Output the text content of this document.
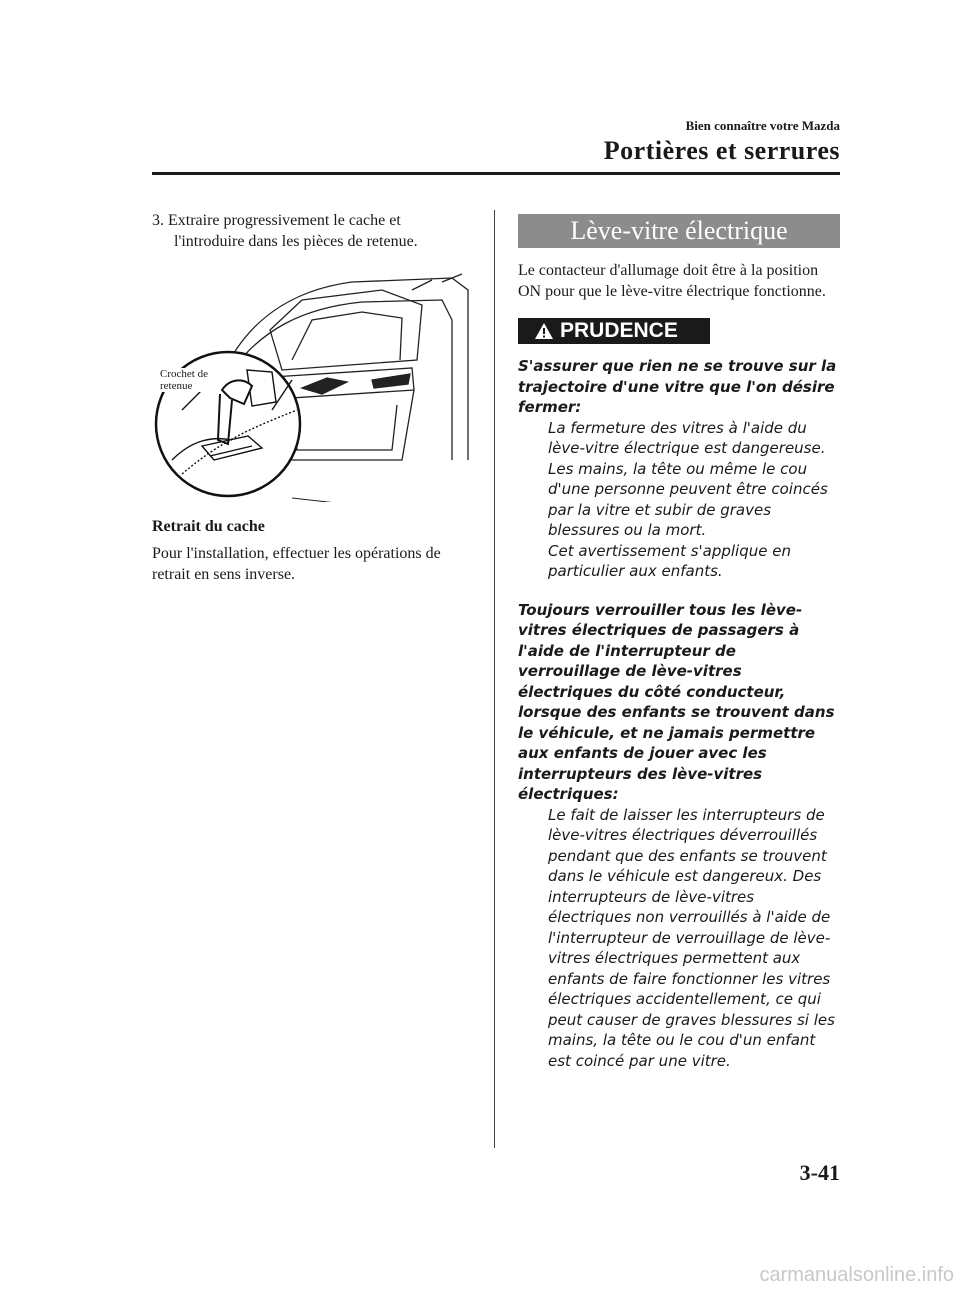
Bien connaître votre Mazda
Portières et serrures

3. Extraire progressivement le cache et l'introduire dans les pièces de retenue.

Crochet de
retenue

Retrait du cache

Pour l'installation, effectuer les opérations de retrait en sens inverse.

Lève-vitre électrique

Le contacteur d'allumage doit être à la position ON pour que le lève-vitre électrique fonctionne.

PRUDENCE

S'assurer que rien ne se trouve sur la trajectoire d'une vitre que l'on désire fermer:

La fermeture des vitres à l'aide du lève-vitre électrique est dangereuse. Les mains, la tête ou même le cou d'une personne peuvent être coincés par la vitre et subir de graves blessures ou la mort.

Cet avertissement s'applique en particulier aux enfants.

Toujours verrouiller tous les lève-vitres électriques de passagers à l'aide de l'interrupteur de verrouillage de lève-vitres électriques du côté conducteur, lorsque des enfants se trouvent dans le véhicule, et ne jamais permettre aux enfants de jouer avec les interrupteurs des lève-vitres électriques:

Le fait de laisser les interrupteurs de lève-vitres électriques déverrouillés pendant que des enfants se trouvent dans le véhicule est dangereux. Des interrupteurs de lève-vitres électriques non verrouillés à l'aide de l'interrupteur de verrouillage de lève-vitres électriques permettent aux enfants de faire fonctionner les vitres électriques accidentellement, ce qui peut causer de graves blessures si les mains, la tête ou le cou d'un enfant est coincé par une vitre.

3-41
carmanualsonline.info
